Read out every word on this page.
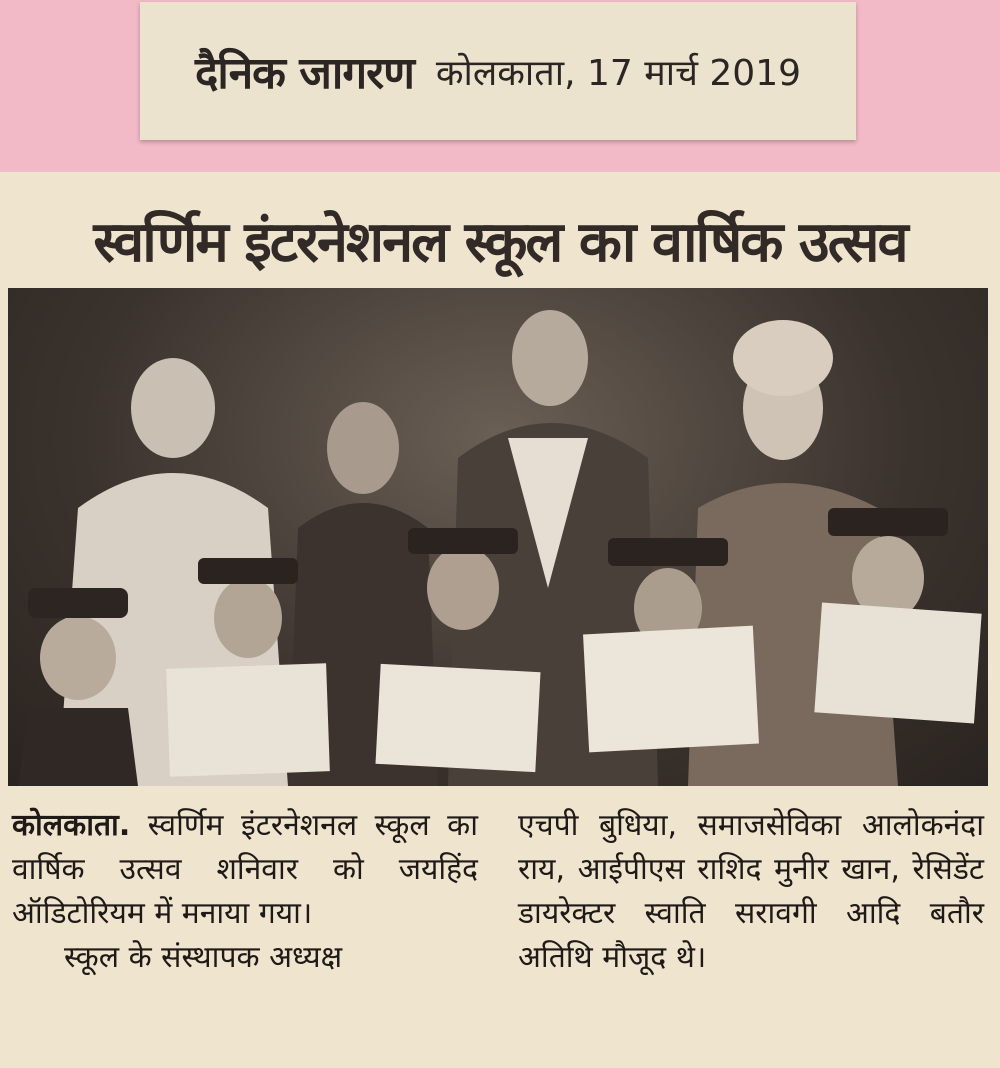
दैनिक जागरण कोलकाता, 17 मार्च 2019
स्वर्णिम इंटरनेशनल स्कूल का वार्षिक उत्सव

कोलकाता. स्वर्णिम इंटरनेशनल स्कूल का वार्षिक उत्सव शनिवार को जयहिंद ऑडिटोरियम में मनाया गया।

स्कूल के संस्थापक अध्यक्ष

एचपी बुधिया, समाजसेविका आलोकनंदा राय, आईपीएस राशिद मुनीर खान, रेसिडेंट डायरेक्टर स्वाति सरावगी आदि बतौर अतिथि मौजूद थे।
